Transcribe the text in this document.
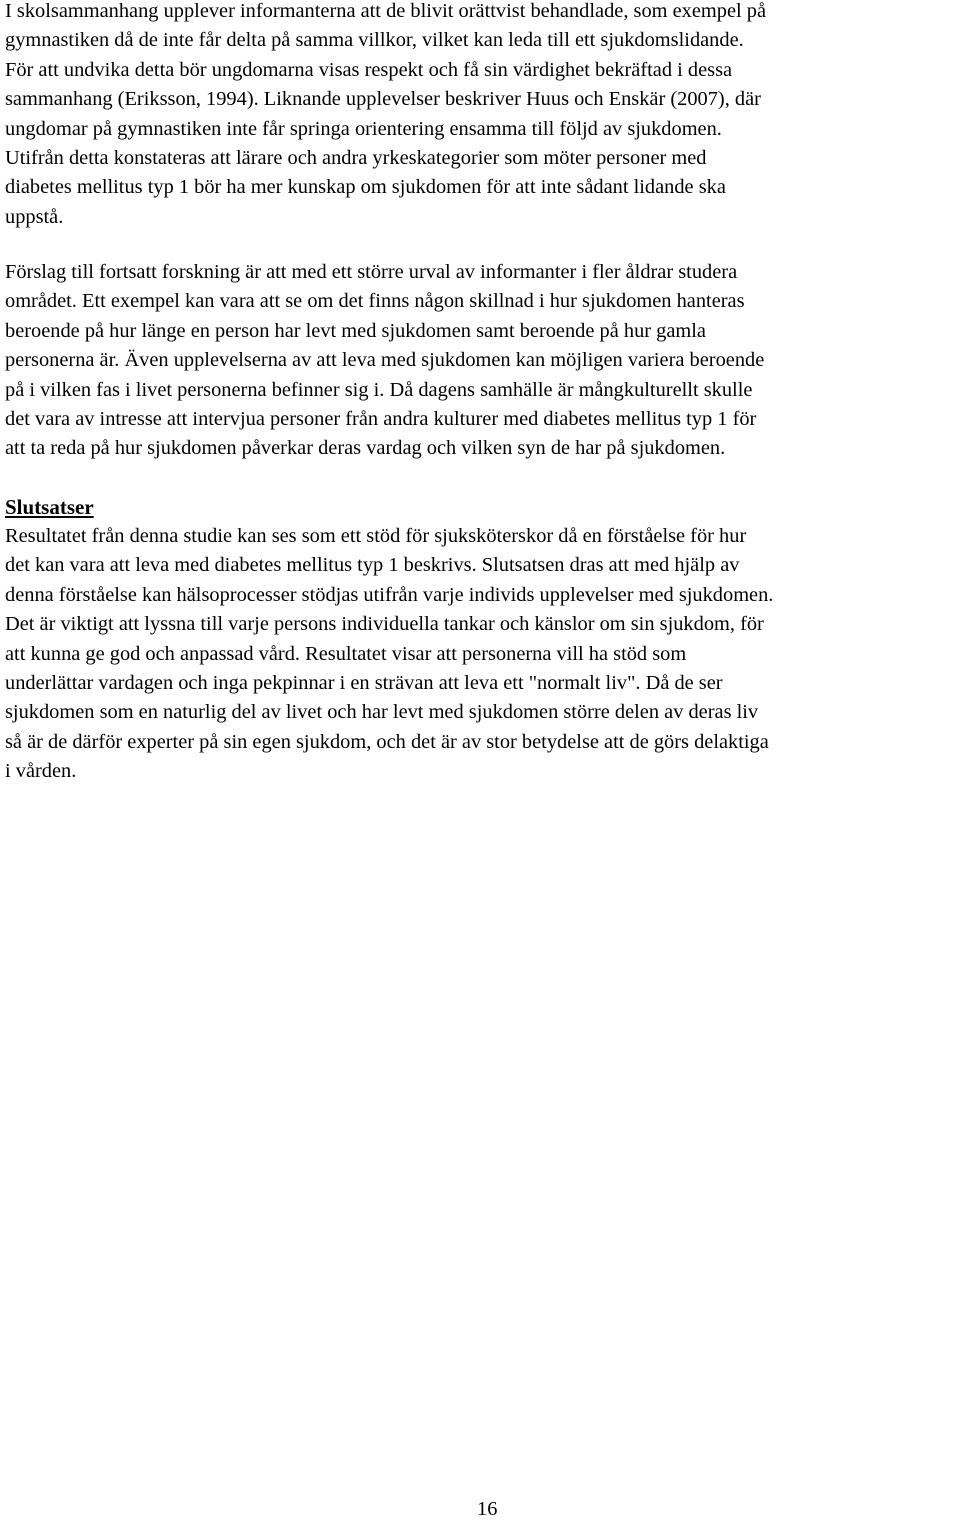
I skolsammanhang upplever informanterna att de blivit orättvist behandlade, som exempel på
gymnastiken då de inte får delta på samma villkor, vilket kan leda till ett sjukdomslidande.
För att undvika detta bör ungdomarna visas respekt och få sin värdighet bekräftad i dessa
sammanhang (Eriksson, 1994). Liknande upplevelser beskriver Huus och Enskär (2007), där
ungdomar på gymnastiken inte får springa orientering ensamma till följd av sjukdomen.
Utifrån detta konstateras att lärare och andra yrkeskategorier som möter personer med
diabetes mellitus typ 1 bör ha mer kunskap om sjukdomen för att inte sådant lidande ska
uppstå.

Förslag till fortsatt forskning är att med ett större urval av informanter i fler åldrar studera
området. Ett exempel kan vara att se om det finns någon skillnad i hur sjukdomen hanteras
beroende på hur länge en person har levt med sjukdomen samt beroende på hur gamla
personerna är. Även upplevelserna av att leva med sjukdomen kan möjligen variera beroende
på i vilken fas i livet personerna befinner sig i. Då dagens samhälle är mångkulturellt skulle
det vara av intresse att intervjua personer från andra kulturer med diabetes mellitus typ 1 för
att ta reda på hur sjukdomen påverkar deras vardag och vilken syn de har på sjukdomen.

Slutsatser

Resultatet från denna studie kan ses som ett stöd för sjuksköterskor då en förståelse för hur
det kan vara att leva med diabetes mellitus typ 1 beskrivs. Slutsatsen dras att med hjälp av
denna förståelse kan hälsoprocesser stödjas utifrån varje individs upplevelser med sjukdomen.
Det är viktigt att lyssna till varje persons individuella tankar och känslor om sin sjukdom, för
att kunna ge god och anpassad vård. Resultatet visar att personerna vill ha stöd som
underlättar vardagen och inga pekpinnar i en strävan att leva ett "normalt liv". Då de ser
sjukdomen som en naturlig del av livet och har levt med sjukdomen större delen av deras liv
så är de därför experter på sin egen sjukdom, och det är av stor betydelse att de görs delaktiga
i vården.

16
